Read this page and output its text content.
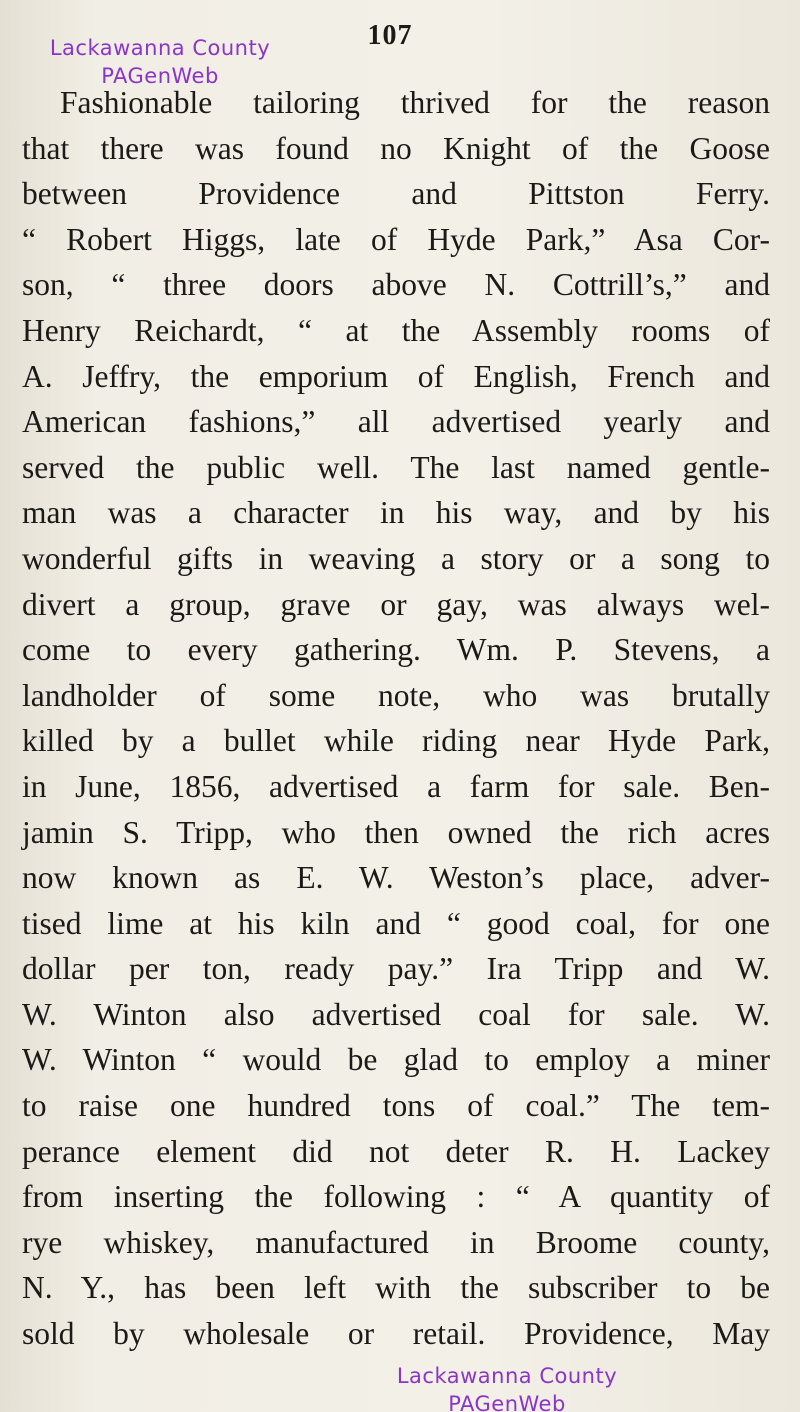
107
Lackawanna County
PAGenWeb
Fashionable tailoring thrived for the reason
that there was found no Knight of the Goose
between Providence and Pittston Ferry.
“ Robert Higgs, late of Hyde Park,” Asa Cor-
son, “ three doors above N. Cottrill’s,” and
Henry Reichardt, “ at the Assembly rooms of
A. Jeffry, the emporium of English, French and
American fashions,” all advertised yearly and
served the public well. The last named gentle-
man was a character in his way, and by his
wonderful gifts in weaving a story or a song to
divert a group, grave or gay, was always wel-
come to every gathering. Wm. P. Stevens, a
landholder of some note, who was brutally
killed by a bullet while riding near Hyde Park,
in June, 1856, advertised a farm for sale. Ben-
jamin S. Tripp, who then owned the rich acres
now known as E. W. Weston’s place, adver-
tised lime at his kiln and “ good coal, for one
dollar per ton, ready pay.” Ira Tripp and W.
W. Winton also advertised coal for sale. W.
W. Winton “ would be glad to employ a miner
to raise one hundred tons of coal.” The tem-
perance element did not deter R. H. Lackey
from inserting the following : “ A quantity of
rye whiskey, manufactured in Broome county,
N. Y., has been left with the subscriber to be
sold by wholesale or retail. Providence, May
Lackawanna County
PAGenWeb
